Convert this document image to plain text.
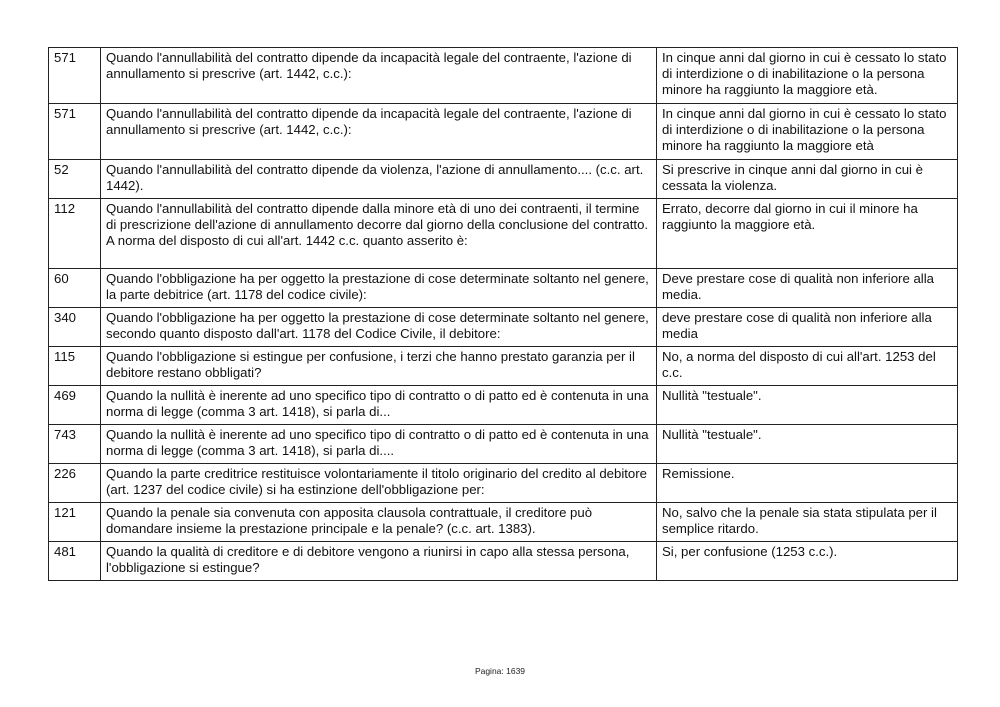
571	Quando l'annullabilità del contratto dipende da incapacità legale del contraente, l'azione di annullamento si prescrive (art. 1442, c.c.):	In cinque anni dal giorno in cui è cessato lo stato di interdizione o di inabilitazione o la persona minore ha raggiunto la maggiore età.
571	Quando l'annullabilità del contratto dipende da incapacità legale del contraente, l'azione di annullamento si prescrive (art. 1442, c.c.):	In cinque anni dal giorno in cui è cessato lo stato di interdizione o di inabilitazione o la persona minore ha raggiunto la maggiore età
52	Quando l'annullabilità del contratto dipende da violenza, l'azione di annullamento.... (c.c. art. 1442).	Si prescrive in cinque anni dal giorno in cui è cessata la violenza.
112	Quando l'annullabilità del contratto dipende dalla minore età di uno dei contraenti, il termine di prescrizione dell'azione di annullamento decorre dal giorno della conclusione del contratto. A norma del disposto di cui all'art. 1442 c.c. quanto asserito è:	Errato, decorre dal giorno in cui il minore ha raggiunto la maggiore età.
60	Quando l'obbligazione ha per oggetto la prestazione di cose determinate soltanto nel genere, la parte debitrice (art. 1178 del codice civile):	Deve prestare cose di qualità non inferiore alla media.
340	Quando l'obbligazione ha per oggetto la prestazione di cose determinate soltanto nel genere, secondo quanto disposto dall'art. 1178 del Codice Civile, il debitore:	deve prestare cose di qualità non inferiore alla media
115	Quando l'obbligazione si estingue per confusione, i terzi che hanno prestato garanzia per il debitore restano obbligati?	No, a norma del disposto di cui all'art. 1253 del c.c.
469	Quando la nullità è inerente ad uno specifico tipo di contratto o di patto ed è contenuta in una norma di legge (comma 3 art. 1418), si parla di...	Nullità "testuale".
743	Quando la nullità è inerente ad uno specifico tipo di contratto o di patto ed è contenuta in una norma di legge (comma 3 art. 1418), si parla di....	Nullità "testuale".
226	Quando la parte creditrice restituisce volontariamente il titolo originario del credito al debitore (art. 1237 del codice civile) si ha estinzione dell'obbligazione per:	Remissione.
121	Quando la penale sia convenuta con apposita clausola contrattuale, il creditore può domandare insieme la prestazione principale e la penale? (c.c. art. 1383).	No, salvo che la penale sia stata stipulata per il semplice ritardo.
481	Quando la qualità di creditore e di debitore vengono a riunirsi in capo alla stessa persona, l'obbligazione si estingue?	Si, per confusione (1253 c.c.).
Pagina: 1639
